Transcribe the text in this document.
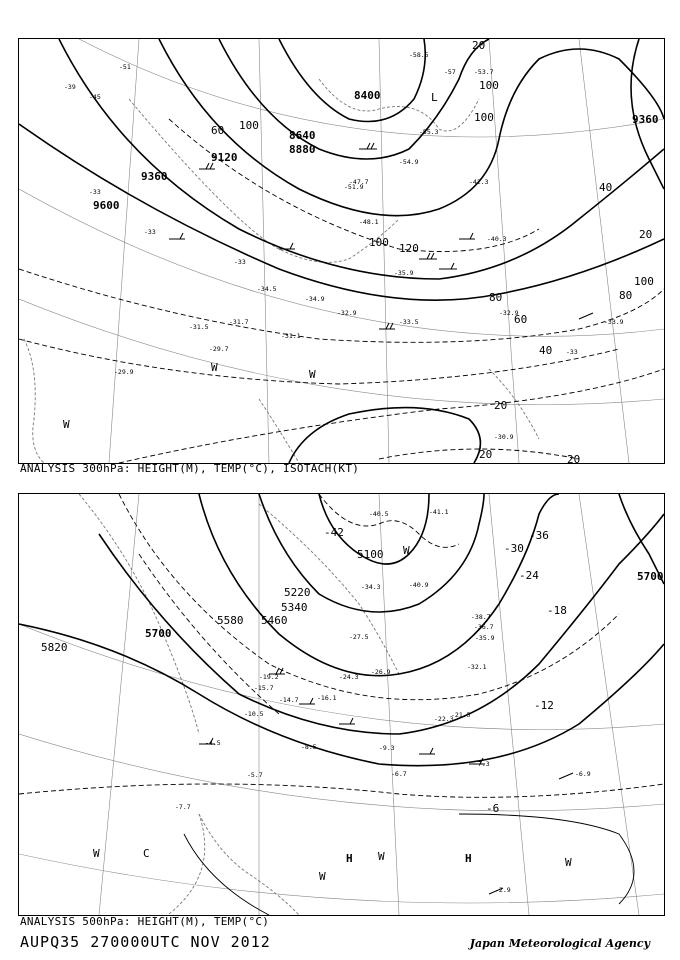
9600
9360
9120
8880
8640
8400
9360
60 100
100 120
100
80
60
40
20
100
80
40
20
100
20
20	20
-39
-45
-51
-57
-33
-33
-33
-33
-29.7
-29.9
-31.5
-31.7
-31.1
-34.5
-34.9
-35.9
-32.9
-33.5
-32.9
-33.9
-30.9
-47.7
-51.9
-54.9
-55.3
-48.1
-40.3
-42.3
-53.7
-58.5
L
W
W
W
ANALYSIS 300hPa: HEIGHT(M), TEMP(°C), ISOTACH(KT)
5820
5700
5580 5460
5340
5220
5100
5700
-42	-36
-30
-24
-18
-12
-6
-41.1
-40.5
-40.9
-38.7
-36.7
-35.9
-34.3
-32.1
-27.5
-26.9
-24.3
-22.3
-21.5
-19.2
-16.1
-15.7
-14.7
-10.5
-9.3
-8.5
-7.7
-7.3
-6.9
-6.7
-5.7
-4.5
-2.9
W	C
W
H W	H	W
W
ANALYSIS 500hPa: HEIGHT(M), TEMP(°C)
AUPQ35 270000UTC NOV 2012	Japan Meteorological Agency
